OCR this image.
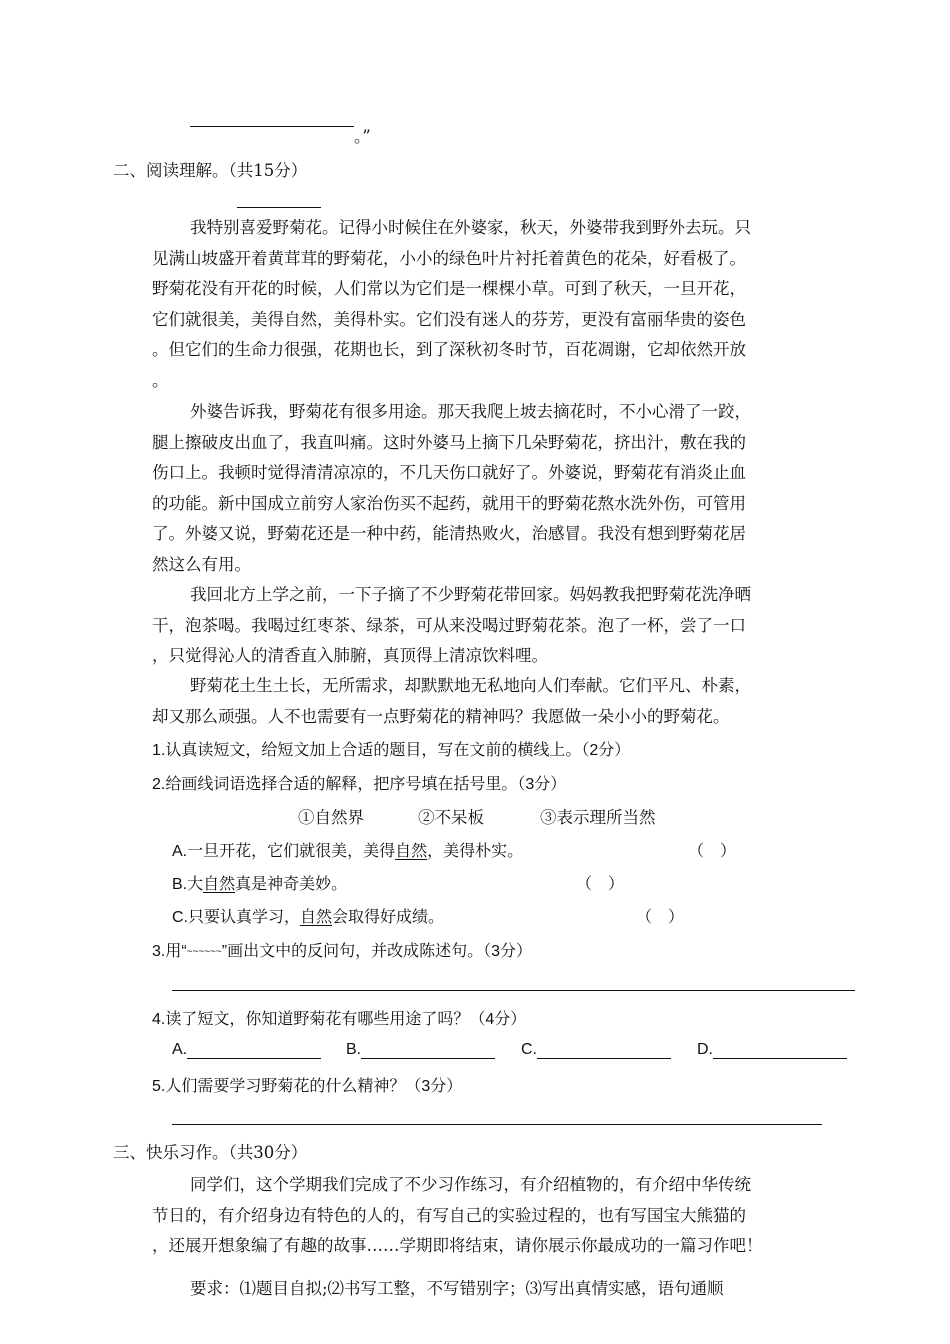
。”
二、阅读理解。（共15分）
我特别喜爱野菊花。记得小时候住在外婆家，秋天，外婆带我到野外去玩。只
见满山坡盛开着黄茸茸的野菊花，小小的绿色叶片衬托着黄色的花朵，好看极了。
野菊花没有开花的时候，人们常以为它们是一棵棵小草。可到了秋天，一旦开花，
它们就很美，美得自然，美得朴实。它们没有迷人的芬芳，更没有富丽华贵的姿色
。但它们的生命力很强，花期也长，到了深秋初冬时节，百花凋谢，它却依然开放
。
外婆告诉我，野菊花有很多用途。那天我爬上坡去摘花时，不小心滑了一跤，
腿上擦破皮出血了，我直叫痛。这时外婆马上摘下几朵野菊花，挤出汁，敷在我的
伤口上。我顿时觉得清清凉凉的，不几天伤口就好了。外婆说，野菊花有消炎止血
的功能。新中国成立前穷人家治伤买不起药，就用干的野菊花熬水洗外伤，可管用
了。外婆又说，野菊花还是一种中药，能清热败火，治感冒。我没有想到野菊花居
然这么有用。
我回北方上学之前，一下子摘了不少野菊花带回家。妈妈教我把野菊花洗净晒
干，泡茶喝。我喝过红枣茶、绿茶，可从来没喝过野菊花茶。泡了一杯，尝了一口
，只觉得沁人的清香直入肺腑，真顶得上清凉饮料哩。
野菊花土生土长，无所需求，却默默地无私地向人们奉献。它们平凡、朴素，
却又那么顽强。人不也需要有一点野菊花的精神吗？我愿做一朵小小的野菊花。
1.认真读短文，给短文加上合适的题目，写在文前的横线上。（2分）
2.给画线词语选择合适的解释，把序号填在括号里。（3分）
①自然界	②不呆板	③表示理所当然
A.一旦开花，它们就很美，美得自然，美得朴实。	（　）
B.大自然真是神奇美妙。	（　）
C.只要认真学习，自然会取得好成绩。	（　）
3.用“~~~~~~”画出文中的反问句，并改成陈述句。（3分）
4.读了短文，你知道野菊花有哪些用途了吗？（4分）
A.	B.	C.	D.
5.人们需要学习野菊花的什么精神？（3分）
三、快乐习作。（共30分）
同学们，这个学期我们完成了不少习作练习，有介绍植物的，有介绍中华传统
节日的，有介绍身边有特色的人的，有写自己的实验过程的，也有写国宝大熊猫的
，还展开想象编了有趣的故事……学期即将结束，请你展示你最成功的一篇习作吧！
要求：⑴题目自拟;⑵书写工整，不写错别字；⑶写出真情实感，语句通顺
